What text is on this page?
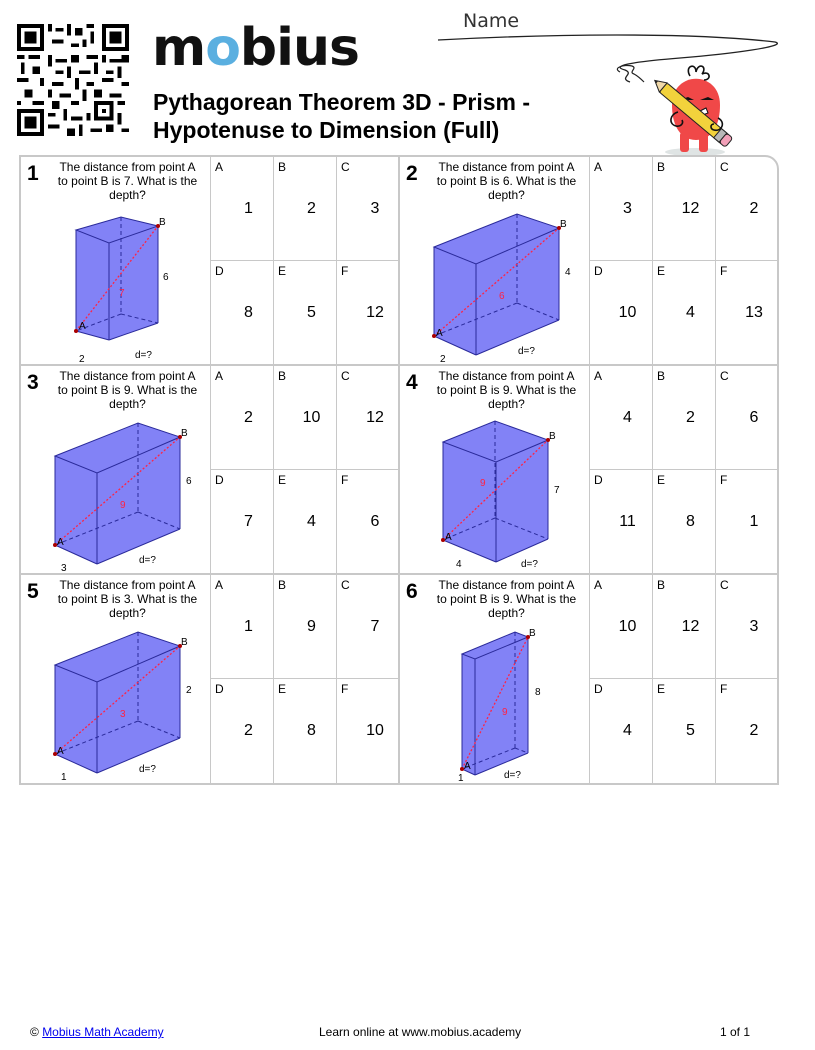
mobius
Pythagorean Theorem 3D - Prism -
Hypotenuse to Dimension (Full)
Name
1	The distance from point A to point B is 7. What is the depth?
A
B
7
6
2	d=?
A
1
B
2
C
3
D
8
E
5
F
12
2	The distance from point A to point B is 6. What is the depth?
A
B
6
4
2
d=?
A
3
B
12
C
2
D
10
E
4
F
13
3	The distance from point A to point B is 9. What is the depth?
A
B
9
6
3
d=?
A
2
B
10
C
12
D
7
E
4
F
6
4	The distance from point A to point B is 9. What is the depth?
A
B
9
7
4	d=?
A
4
B
2
C
6
D
11
E
8
F
1
5	The distance from point A to point B is 3. What is the depth?
A
B
3
2
1
d=?
A
1
B
9
C
7
D
2
E
8
F
10
6	The distance from point A to point B is 9. What is the depth?
A
B
9
8
1	d=?
A
10
B
12
C
3
D
4
E
5
F
2
© Mobius Math Academy	Learn online at www.mobius.academy	1 of 1
